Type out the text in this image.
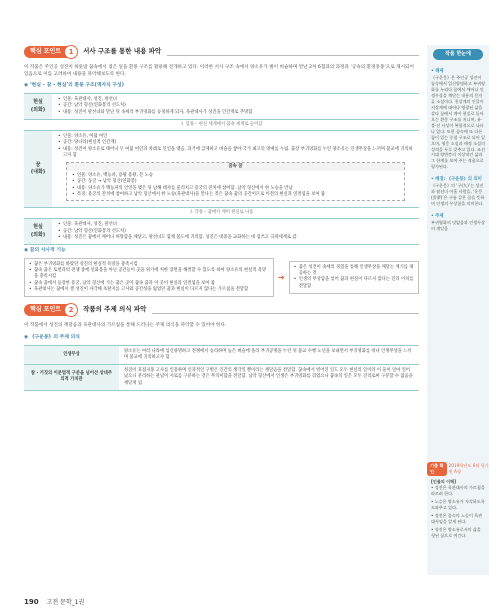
핵심 포인트	1	서사 구조를 통한 내용 파악

이 작품은 주인공 성진이 하룻밤 꿈속에서 겪은 일을 환몽 구조를 활용해 전개하고 있다. 이러한 서사 구조 속에서 양소유가 벌이 벼슬하며 만난 2처 6첩과의 과정과 ‘공속의 환경흥몽’으로 제시되어 있음으로 이를 고려하여 내용을 파악해보도록 한다.

◉ ‘현실 – 꿈 – 현실’의 환몽 구조(액자식 구성)
현실
(외화)
• 인물: 육관대사, 성진, 팔선녀
• 공간: 남악 형산(연화봉의 선도처)
• 내용: 성진이 팔선녀와 만난 뒤 속세의 부귀영화를 동경하게 되자, 육관대사가 성진을 인간계로 추방함
⇩ 입몽 – 현실 세계에서 꿈속 세계로 들어감
꿈
(내화)
• 인물: 양소유, 여덟 여인
• 공간: 당나라(현실적 인간계)
• 내용: 성진이 양소유로 태어나 두 여덟 여인과 차례로 인연을 맺음. 과거에 급제하고 벼슬을 쌓아 국가 최고의 영예를 누림. 출장 부귀영화를 누린 양소유는 인생무상을 느끼며 불교에 귀의하고자 함
꿈속 꿈
• 인물: 양소유, 백능파, 용왕 용왕, 문 노승
• 공간: 동굴 → 남악 형산(연화봉)
• 내용: 양소유가 백능파의 인연을 맺은 뒤 남해 태자를 물리치고 용궁의 잔치에 참여함. 남악 형산에서 한 노승을 만남
• 특징: 용궁의 잔치에 참여하고 남악 형산에서 한 노승(육관대사)을 만나는 것은 꿈속 꿈의 공간이므로 이전의 현실과 연결됨을 보여 줌
⇩ 각몽 – 꿈에서 깨어 현실로 나옴
현실
(외화)
• 인물: 육관대사, 성진, 팔선녀
• 공간: 남악 형산(연화봉의 선도처)
• 내용: 성진은 꿈에서 깨어나 허망함을 깨닫고, 팔선녀도 함께 불도에 귀의함. 성진은 대중을 교화하는 데 힘쓰고 극락세계로 감
◉ 꿈의 서사적 기능
• 꿈은 부귀영화를 바랐던 성진의 현실적 욕망을 충족시킴
• 꿈속 꿈은 토번과의 전쟁 중에 연화봉을 아닌 공간들이 곳을 위기에 처한 장면을 해결할 수 있도록 하여 양소유의 현실적 욕망을 충족시킴
• 꿈속 꿈에서 등장한 용궁, 남악 형산에 가는 꿈은 곳이 꿈속 꿈과 이 곳이 현실과 연결됨을 보여 줌
• 육관대사는 꿈에서 깬 성진이 자각해 초탈지를 고사와 공간성을 잃었던 꿈과 현실이 다르지 않다는 가르침을 전달함
➜
• 꿈은 성진이 속세의 경험을 통해 인생무상을 깨닫는 계기를 제공하는 것
• 인생의 무상함을 넣어 꿈과 현실이 다르지 않다는 진리 이치를 전달함
핵심 포인트	2	작품의 주제 의식 파악

이 작품에서 성진의 깨달음과 육관대사의 가르침을 통해 드러나는 주제 의식을 파악할 수 있어야 한다.

◉ 《구운몽》의 주제 의식
인생무상	양소유는 여러 나라에 입신양명하고 전쟁에서 승리하며 높은 벼슬에 올라 부귀공명을 누린 뒤 불교 수행 노년을 보내면서 부귀영화를 떠나 인생무상을 느끼며 불교에 귀의하고자 함
참 · 거짓의 이분법적 구분을 넘어선 상대주의적 가치관	성진이 호접지몽 고사를 인용하며 인과적인 구별은 인간의 생각일 뿐이라는 깨달음을 전달함. 꿈속에서 벌어진 일도 모두 현실의 일이라 이 둘이 얼마 일어났으니 분리하는 관념이 서로를 구분하는 것은 무의미함을 전달함. 남악 형산에서 인생은 부귀영화를 겪었으나 꿈속의 일은 모두 진리로써 구분할 수 없음을 깨닫게 됨
작품 한눈에
• 해제

《구운몽》은 주인공 성진이 꿈속에서 입신양명하고 부귀영화를 누리다 꿈에서 깨어나 인생무상을 깨닫는 내용의 몽자류 소설이다. 천상계의 인물이 지상계에 태어나 영광된 삶을 살다 꿈에서 깨어 현실로 돌아오는 환몽 구조를 지니며, 유·불·선 사상이 복합적으로 나타나 있다. 또한 꿈속에 또 다른 꿈이 있는 중첩 구조로 되어 있으며, 영웅 소설과 애정 소설의 성격을 두루 갖추고 있다. 조선 시대 양반층의 이상적인 삶과 그 한계를 보여 주는 작품으로 평가된다.

• 배경: 《구운몽》의 의미

《구운몽》의 ‘구(九)’는 성진과 팔선녀 아홉 사람을, ‘운몽(雲夢)’은 구름 같은 꿈을 뜻하며 인생의 무상함을 의미한다.

• 주제

부귀영화의 덧없음과 인생무상의 깨달음

기출 확인
2019학년도 6월 평가원 A형

[인물의 이해]

• 성진은 육관대사의 가르침을 따르려 한다.
• 노승은 양소유가 자각하도록 도와주고 있다.
• 성진은 꿈속의 노승이 육관대사임을 알게 된다.
• 성진은 양소유로서의 삶을 헛된 꿈으로 여긴다.
190 고전 문학_1권
